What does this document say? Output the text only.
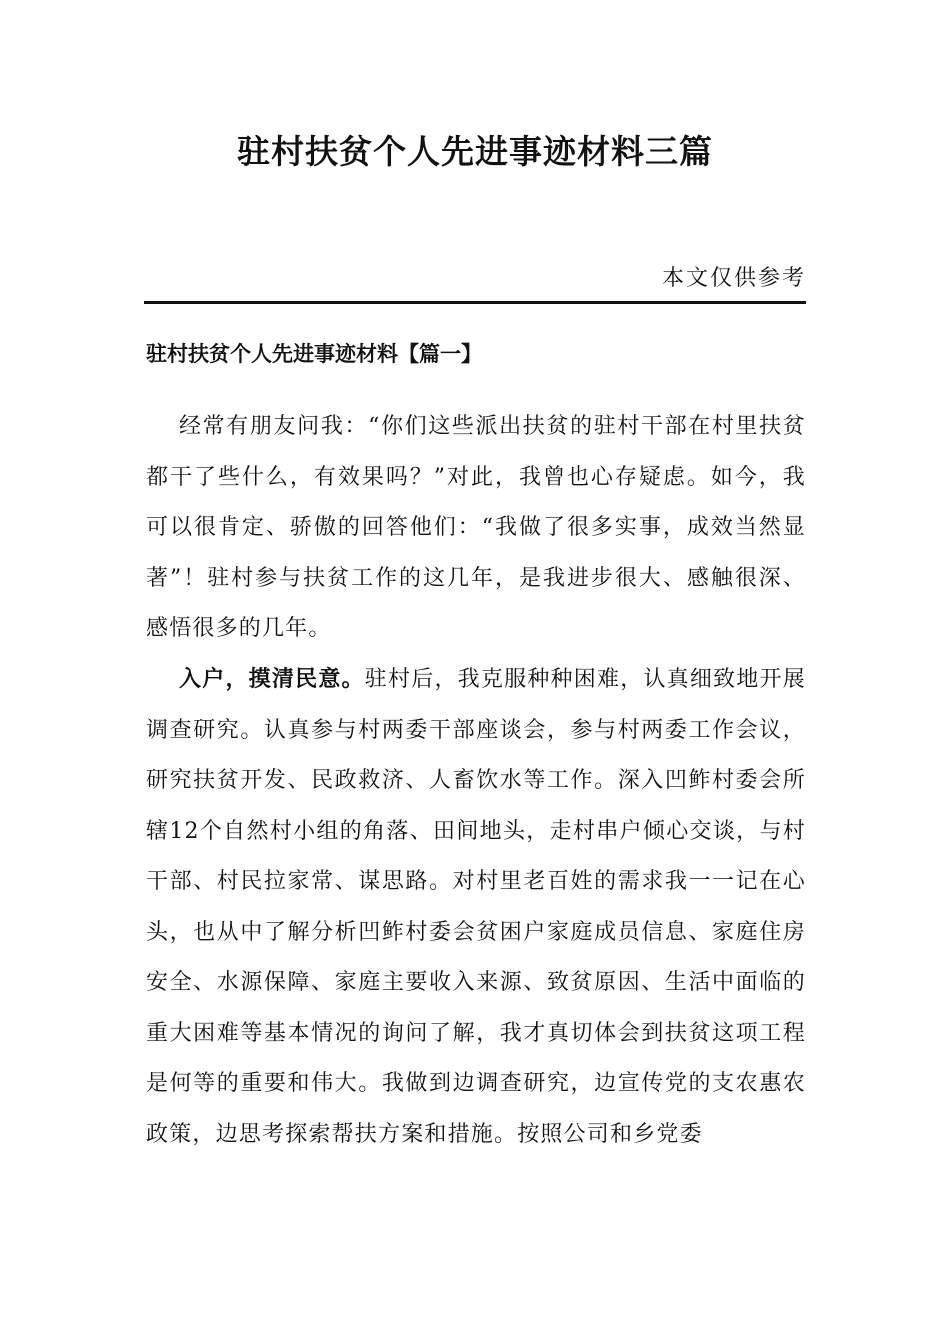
驻村扶贫个人先进事迹材料三篇
本文仅供参考
驻村扶贫个人先进事迹材料【篇一】

经常有朋友问我：“你们这些派出扶贫的驻村干部在村里扶贫都干了些什么，有效果吗？”对此，我曾也心存疑虑。如今，我可以很肯定、骄傲的回答他们：“我做了很多实事，成效当然显著”！驻村参与扶贫工作的这几年，是我进步很大、感触很深、感悟很多的几年。

入户，摸清民意。驻村后，我克服种种困难，认真细致地开展调查研究。认真参与村两委干部座谈会，参与村两委工作会议，研究扶贫开发、民政救济、人畜饮水等工作。深入凹鲊村委会所辖12个自然村小组的角落、田间地头，走村串户倾心交谈，与村干部、村民拉家常、谋思路。对村里老百姓的需求我一一记在心头，也从中了解分析凹鲊村委会贫困户家庭成员信息、家庭住房安全、水源保障、家庭主要收入来源、致贫原因、生活中面临的重大困难等基本情况的询问了解，我才真切体会到扶贫这项工程是何等的重要和伟大。我做到边调查研究，边宣传党的支农惠农政策，边思考探索帮扶方案和措施。按照公司和乡党委
